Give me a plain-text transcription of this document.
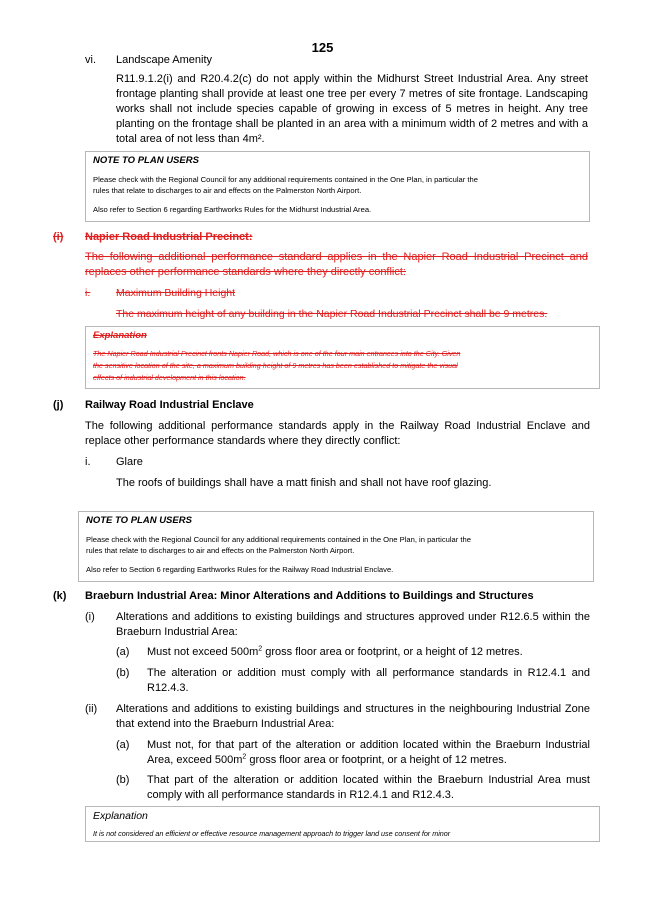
125
vi. Landscape Amenity
R11.9.1.2(i) and R20.4.2(c) do not apply within the Midhurst Street Industrial Area. Any street frontage planting shall provide at least one tree per every 7 metres of site frontage. Landscaping works shall not include species capable of growing in excess of 5 metres in height. Any tree planting on the frontage shall be planted in an area with a minimum width of 2 metres and with a total area of not less than 4m².
NOTE TO PLAN USERS
Please check with the Regional Council for any additional requirements contained in the One Plan, in particular the
rules that relate to discharges to air and effects on the Palmerston North Airport.
Also refer to Section 6 regarding Earthworks Rules for the Midhurst Industrial Area.
(i) Napier Road Industrial Precinct:
The following additional performance standard applies in the Napier Road Industrial Precinct and replaces other performance standards where they directly conflict:
i. Maximum Building Height
The maximum height of any building in the Napier Road Industrial Precinct shall be 9 metres.
Explanation
The Napier Road Industrial Precinct fronts Napier Road, which is one of the four main entrances into the City. Given
the sensitive location of the site, a maximum building height of 9 metres has been established to mitigate the visual
effects of industrial development in this location.
(j) Railway Road Industrial Enclave
The following additional performance standards apply in the Railway Road Industrial Enclave and replace other performance standards where they directly conflict:
i. Glare
The roofs of buildings shall have a matt finish and shall not have roof glazing.
NOTE TO PLAN USERS
Please check with the Regional Council for any additional requirements contained in the One Plan, in particular the
rules that relate to discharges to air and effects on the Palmerston North Airport.
Also refer to Section 6 regarding Earthworks Rules for the Railway Road Industrial Enclave.
(k) Braeburn Industrial Area: Minor Alterations and Additions to Buildings and Structures
(i) Alterations and additions to existing buildings and structures approved under R12.6.5 within the Braeburn Industrial Area:
(a) Must not exceed $500m^2$ gross floor area or footprint, or a height of 12 metres.
(b) The alteration or addition must comply with all performance standards in R12.4.1 and R12.4.3.
(ii) Alterations and additions to existing buildings and structures in the neighbouring Industrial Zone that extend into the Braeburn Industrial Area:
(a) Must not, for that part of the alteration or addition located within the Braeburn Industrial Area, exceed $500m^2$ gross floor area or footprint, or a height of 12 metres.
(b) That part of the alteration or addition located within the Braeburn Industrial Area must comply with all performance standards in R12.4.1 and R12.4.3.
Explanation
It is not considered an efficient or effective resource management approach to trigger land use consent for minor
